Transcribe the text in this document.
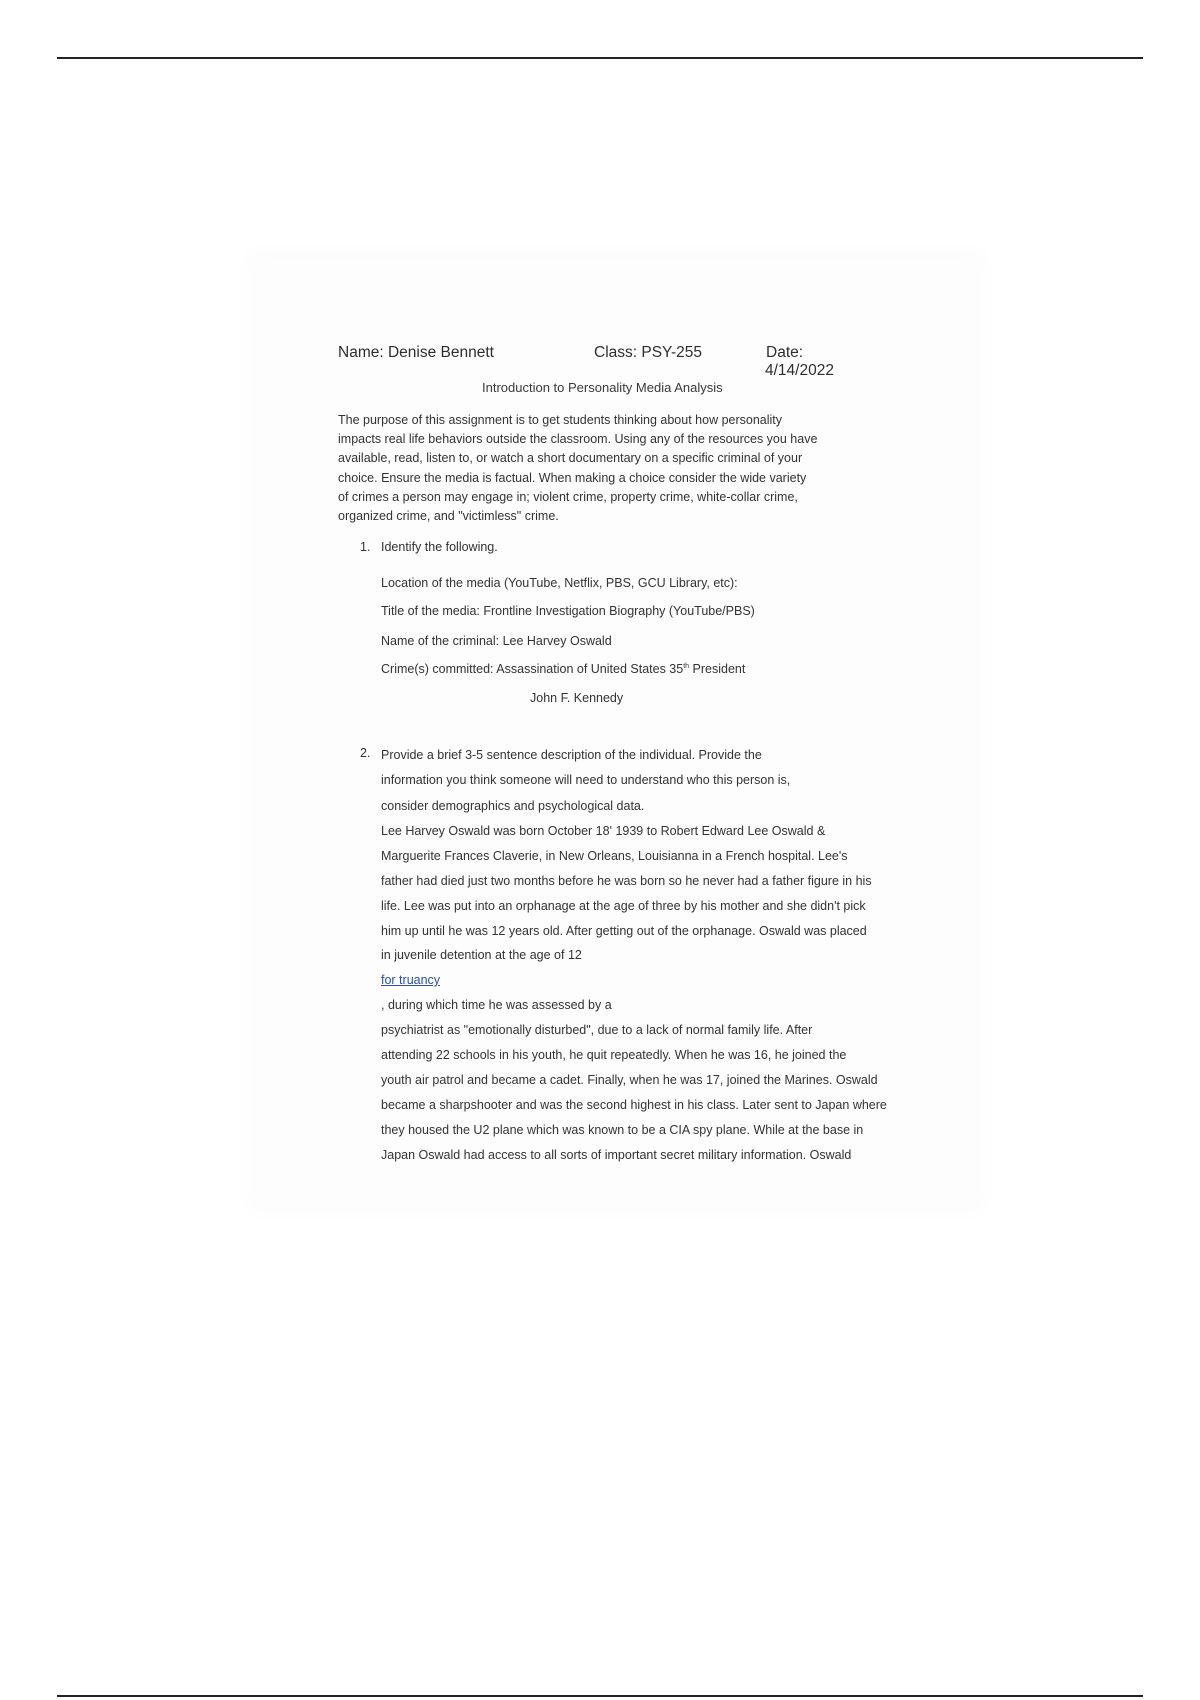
Name: Denise Bennett	Class: PSY-255	Date:

4/14/2022

Introduction to Personality Media Analysis

The purpose of this assignment is to get students thinking about how personality
impacts real life behaviors outside the classroom. Using any of the resources you have
available, read, listen to, or watch a short documentary on a specific criminal of your
choice. Ensure the media is factual. When making a choice consider the wide variety
of crimes a person may engage in; violent crime, property crime, white-collar crime,
organized crime, and "victimless" crime.

1. Identify the following.

Location of the media (YouTube, Netflix, PBS, GCU Library, etc):

Title of the media: Frontline Investigation Biography (YouTube/PBS)

Name of the criminal: Lee Harvey Oswald

Crime(s) committed: Assassination of United States 35th President

John F. Kennedy

2. Provide a brief 3-5 sentence description of the individual. Provide the
information you think someone will need to understand who this person is,
consider demographics and psychological data.
Lee Harvey Oswald was born October 18' 1939 to Robert Edward Lee Oswald &
Marguerite Frances Claverie, in New Orleans, Louisianna in a French hospital. Lee's
father had died just two months before he was born so he never had a father figure in his
life. Lee was put into an orphanage at the age of three by his mother and she didn't pick
him up until he was 12 years old. After getting out of the orphanage. Oswald was placed
in juvenile detention at the age of 12
for truancy
, during which time he was assessed by a
psychiatrist as "emotionally disturbed", due to a lack of normal family life. After
attending 22 schools in his youth, he quit repeatedly. When he was 16, he joined the
youth air patrol and became a cadet. Finally, when he was 17, joined the Marines. Oswald
became a sharpshooter and was the second highest in his class. Later sent to Japan where
they housed the U2 plane which was known to be a CIA spy plane. While at the base in
Japan Oswald had access to all sorts of important secret military information. Oswald
